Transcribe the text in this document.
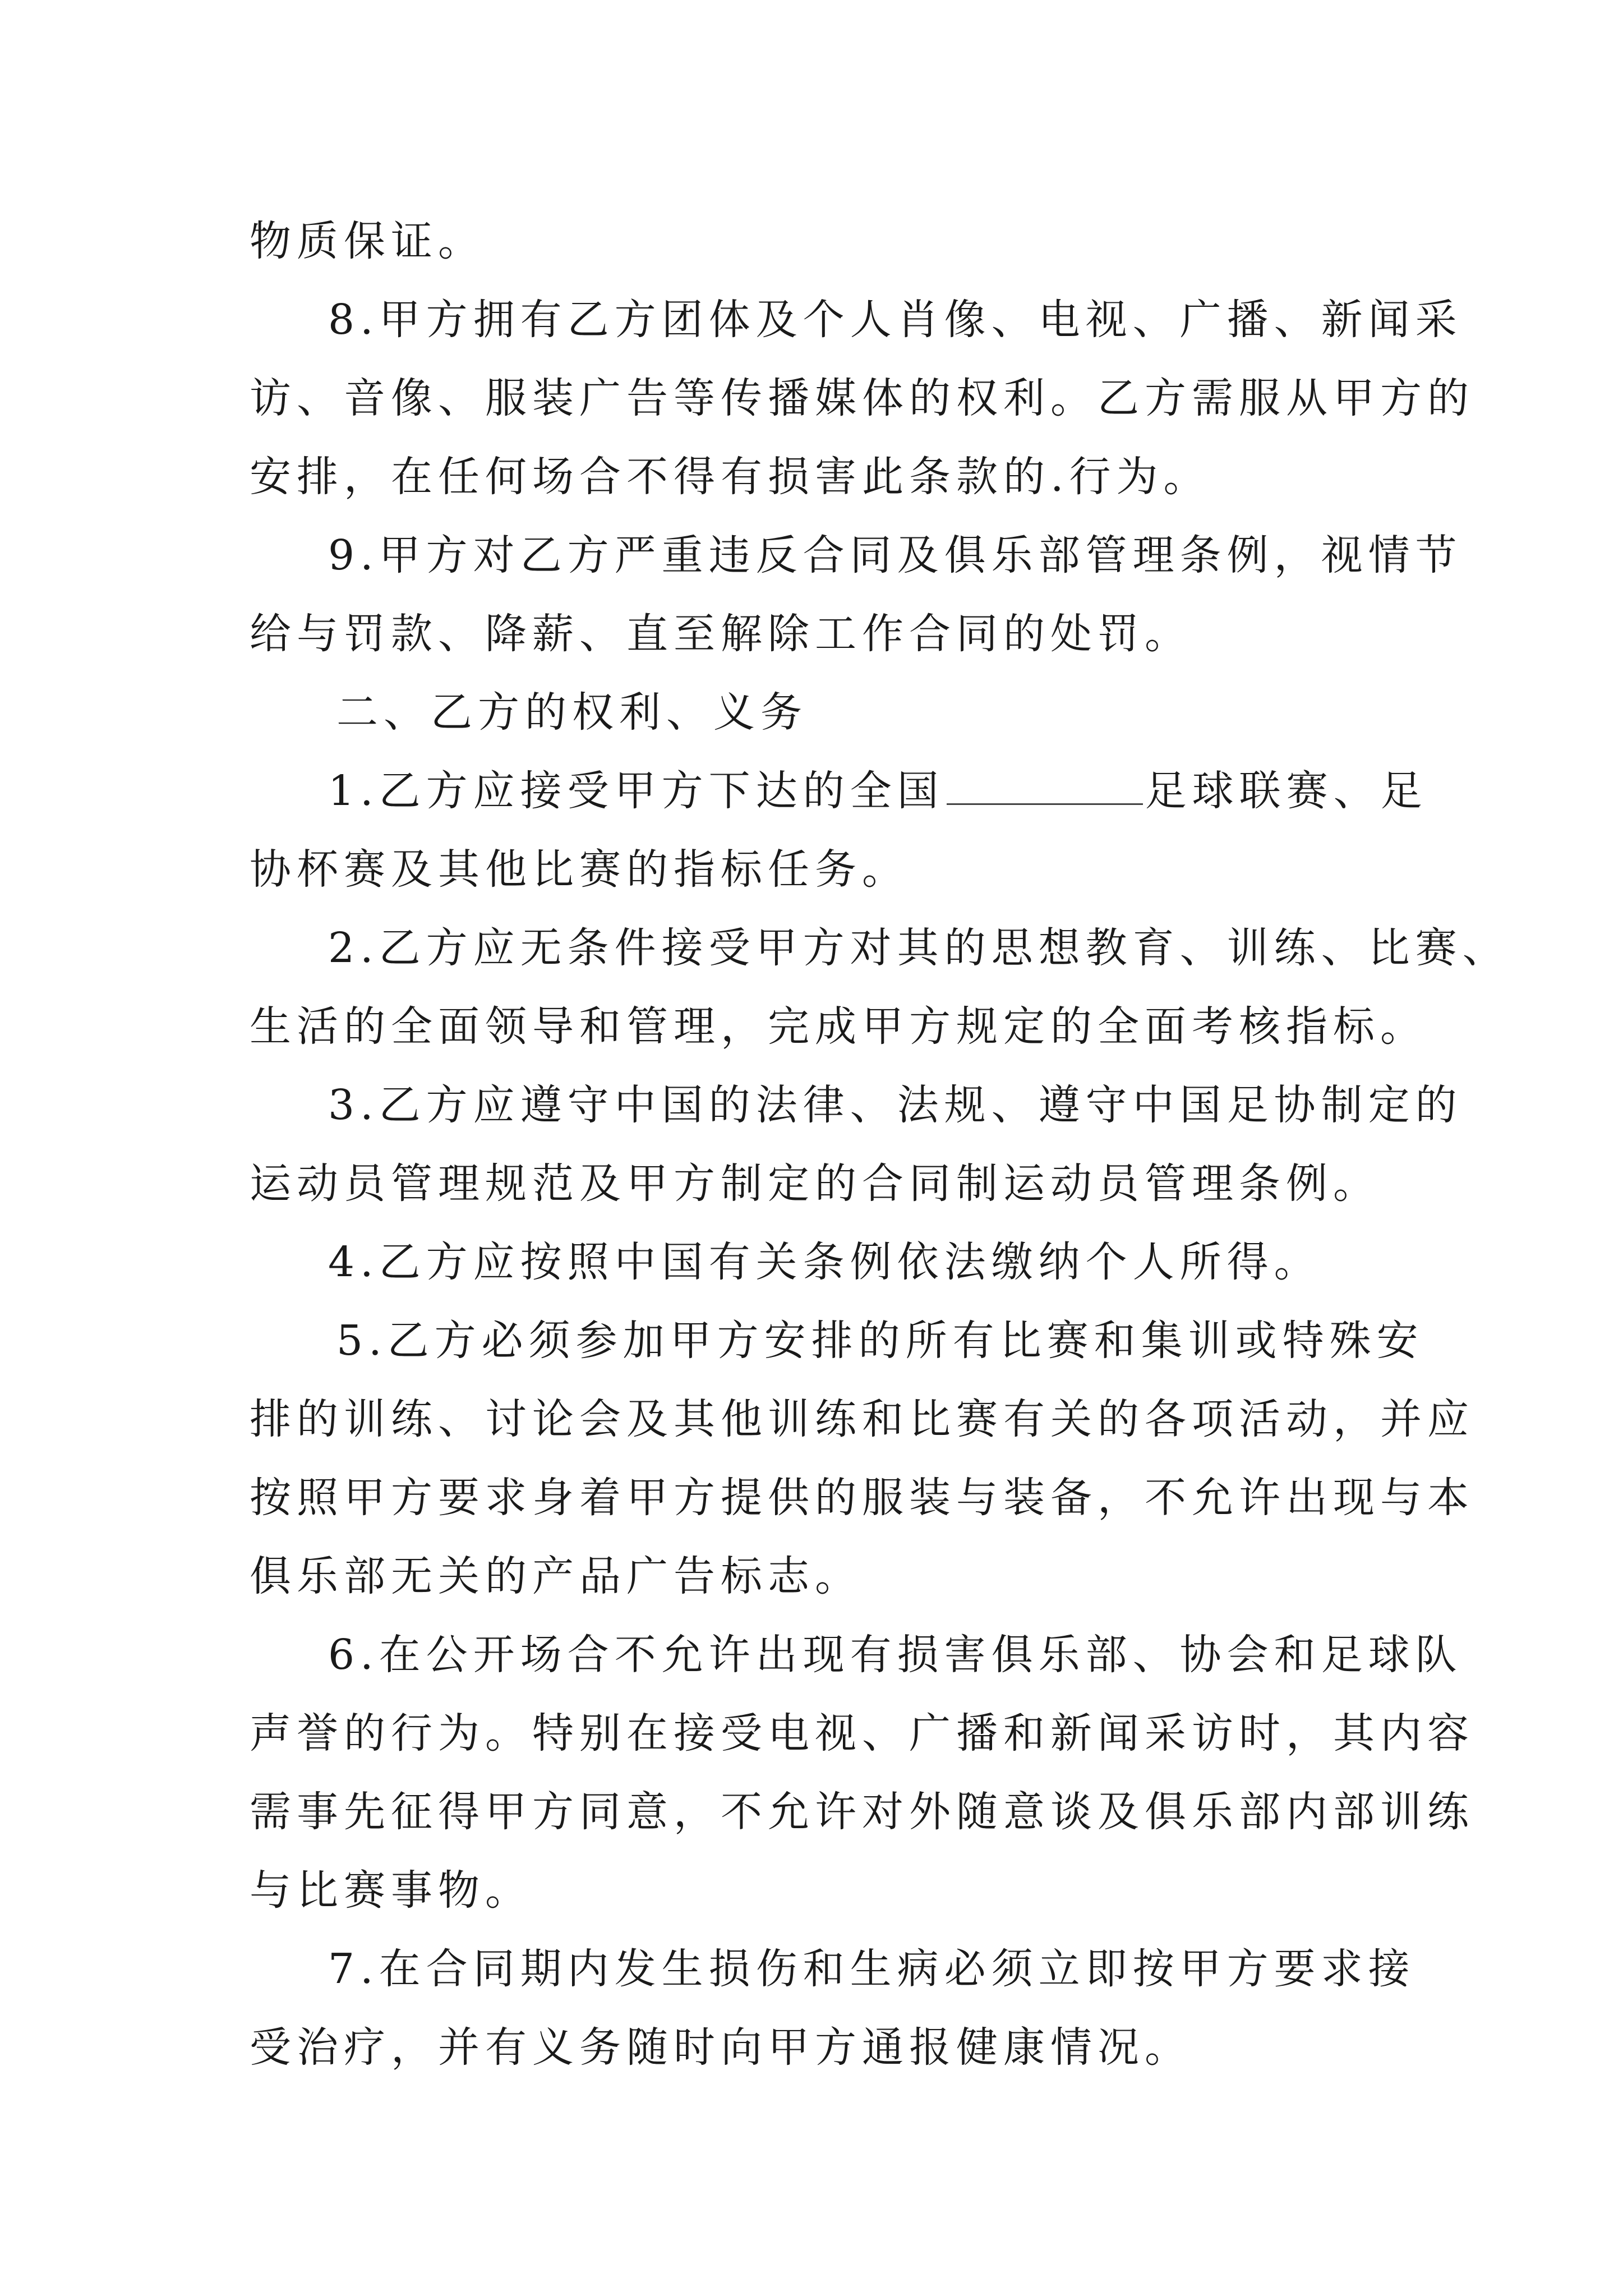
物质保证。
8.甲方拥有乙方团体及个人肖像、电视、广播、新闻采
访、音像、服装广告等传播媒体的权利。乙方需服从甲方的
安排，在任何场合不得有损害此条款的.行为。
9.甲方对乙方严重违反合同及俱乐部管理条例，视情节
给与罚款、降薪、直至解除工作合同的处罚。
二、乙方的权利、义务
1.乙方应接受甲方下达的全国	足球联赛、足
协杯赛及其他比赛的指标任务。
2.乙方应无条件接受甲方对其的思想教育、训练、比赛、
生活的全面领导和管理，完成甲方规定的全面考核指标。
3.乙方应遵守中国的法律、法规、遵守中国足协制定的
运动员管理规范及甲方制定的合同制运动员管理条例。
4.乙方应按照中国有关条例依法缴纳个人所得。
5.乙方必须参加甲方安排的所有比赛和集训或特殊安
排的训练、讨论会及其他训练和比赛有关的各项活动，并应
按照甲方要求身着甲方提供的服装与装备，不允许出现与本
俱乐部无关的产品广告标志。
6.在公开场合不允许出现有损害俱乐部、协会和足球队
声誉的行为。特别在接受电视、广播和新闻采访时，其内容
需事先征得甲方同意，不允许对外随意谈及俱乐部内部训练
与比赛事物。
7.在合同期内发生损伤和生病必须立即按甲方要求接
受治疗，并有义务随时向甲方通报健康情况。
